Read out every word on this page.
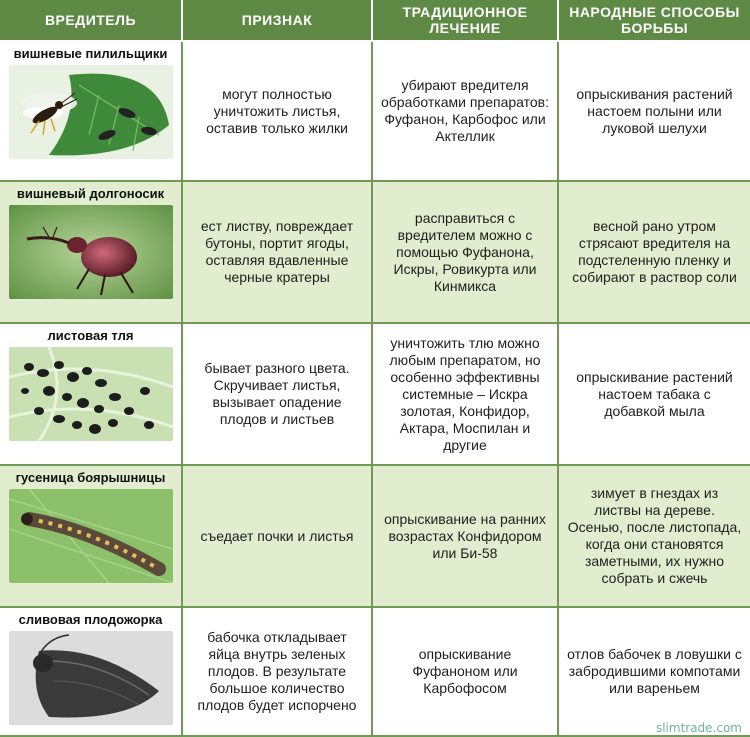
ВРЕДИТЕЛЬ	ПРИЗНАК	ТРАДИЦИОННОЕ ЛЕЧЕНИЕ	НАРОДНЫЕ СПОСОБЫ БОРЬБЫ

вишневые пилильщики	могут полностью уничтожить листья, оставив только жилки	убирают вредителя обработками препаратов: Фуфанон, Карбофос или Актеллик	опрыскивания растений настоем полыни или луковой шелухи

вишневый долгоносик	ест листву, повреждает бутоны, портит ягоды, оставляя вдавленные черные кратеры	расправиться с вредителем можно с помощью Фуфанона, Искры, Ровикурта или Кинмикса	весной рано утром стрясают вредителя на подстеленную пленку и собирают в раствор соли

листовая тля	бывает разного цвета. Скручивает листья, вызывает опадение плодов и листьев	уничтожить тлю можно любым препаратом, но особенно эффективны системные – Искра золотая, Конфидор, Актара, Моспилан и другие	опрыскивание растений настоем табака с добавкой мыла

гусеница боярышницы	съедает почки и листья	опрыскивание на ранних возрастах Конфидором или Би-58	зимует в гнездах из листвы на дереве. Осенью, после листопада, когда они становятся заметными, их нужно собрать и сжечь

сливовая плодожорка	бабочка откладывает яйца внутрь зеленых плодов. В результате большое количество плодов будет испорчено	опрыскивание Фуфаноном или Карбофосом	отлов бабочек в ловушки с забродившими компотами или вареньем
slimtrade.com
